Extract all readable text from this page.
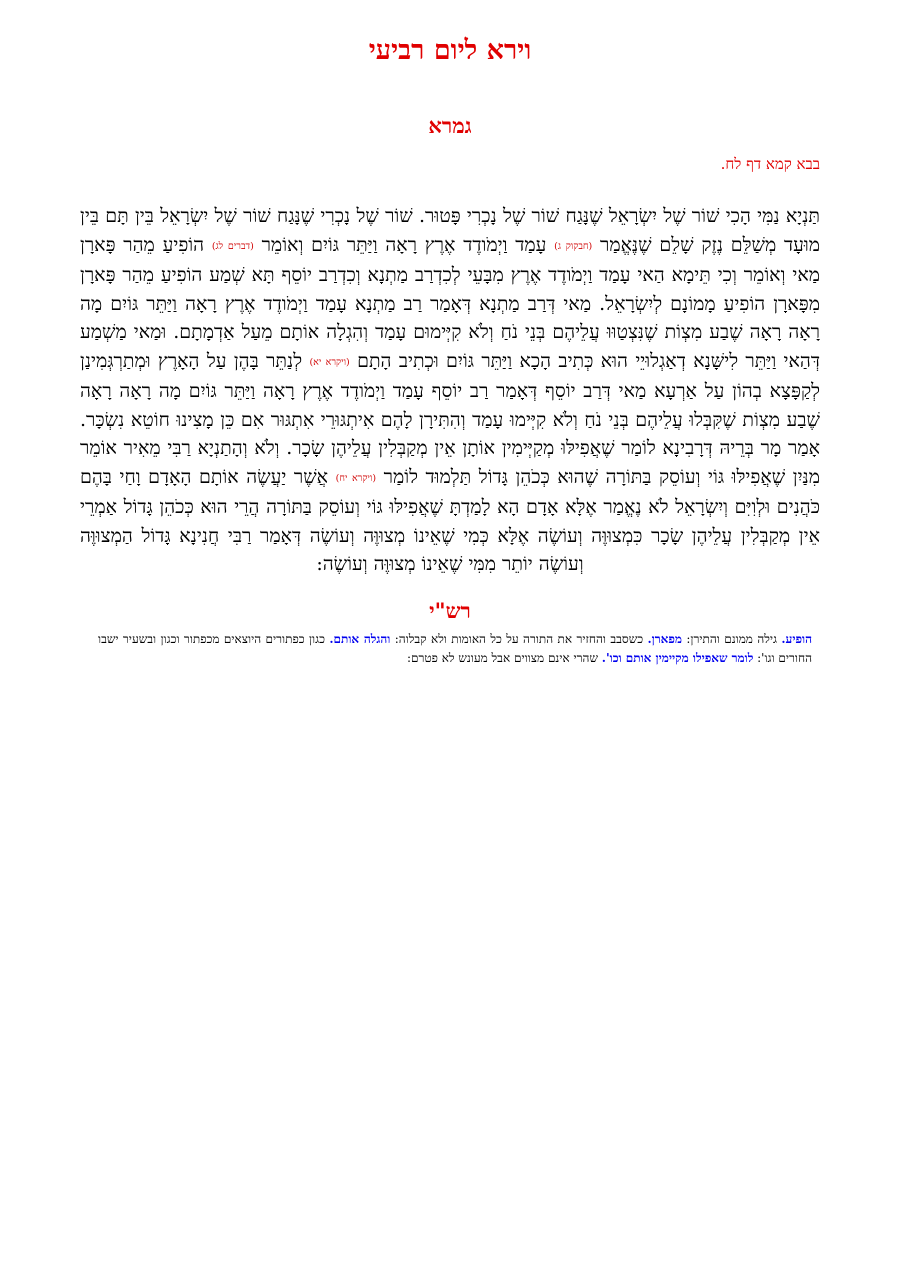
וירא ליום רביעי
גמרא
בבא קמא דף לח.

תַּנְיָא נַמִּי הָכִי שׁוֹר שֶׁל יִשְׂרָאֵל שֶׁנָּגַח שׁוֹר שֶׁל נָכְרִי פָּטוּר. שׁוֹר שֶׁל נָכְרִי שֶׁנָּגַח שׁוֹר שֶׁל יִשְׂרָאֵל בֵּין תָּם בֵּין מוּעָד מְשַׁלֵּם נֶזֶק שָׁלֵם שֶׁנֶּאֱמַר (חבקוק ג) עָמַד וַיְמֹודֶד אֶרֶץ רָאָה וַיַּתֵּר גּוֹיִם וְאוֹמֵר (דברים לג) הוֹפִיעַ מֵהַר פָּארָן מַאי וְאוֹמֵר וְכִי תֵּימָא הַאי עָמַד וַיְמֹודֶד אֶרֶץ מִבָּעֵי לְכִדְרַב מַתְנָא וְכִדְרַב יוֹסֵף תָּא שְׁמַע הוֹפִיעַ מֵהַר פָּארָן מִפָּארָן הוֹפִיעַ מָמוֹנָם לְיִשְׂרָאֵל. מַאי דְּרַב מַתְנָא דְּאָמַר רַב מַתְנָא עָמַד וַיְמֹודֶד אֶרֶץ רָאָה וַיַּתֵּר גּוֹיִם מָה רָאָה רָאָה שֶׁבַע מִצְוֹת שֶׁנִּצְטַוּוּ עֲלֵיהֶם בְּנֵי נֹחַ וְלֹא קִיְּימוּם עָמַד וְהִגְלָה אוֹתָם מֵעַל אַדְמָתָם. וּמַאי מַשְׁמַע דְּהַאי וַיַּתֵּר לִישָּׁנָא דְאַגְלוּיֵי הוּא כְּתִיב הָכָא וַיַּתֵּר גּוֹיִם וּכְתִיב הָתָם (ויקרא יא) לְנַתֵּר בָּהֶן עַל הָאָרֶץ וּמְתַרְגְּמִינַן לְקַפָּצָא בְהוֹן עַל אַרְעָא מַאי דְּרַב יוֹסֵף דְּאָמַר רַב יוֹסֵף עָמַד וַיְמֹודֶד אֶרֶץ רָאָה וַיַּתֵּר גּוֹיִם מָה רָאָה רָאָה שֶׁבַע מִצְוֹת שֶׁקִּבְּלוּ עֲלֵיהֶם בְּנֵי נֹחַ וְלֹא קִיְּימוּ עָמַד וְהִתִּירָן לָהֶם אִיתְגּוּרֵי אִתְגּוּר אִם כֵּן מָצִינוּ חוֹטֵא נִשְׂכָּר. אָמַר מָר בְּרֵיהּ דְּרָבִינָא לוֹמַר שֶׁאֲפִילּוּ מְקַיְּימִין אוֹתָן אֵין מְקַבְּלִין עֲלֵיהֶן שָׂכָר. וְלֹא וְהָתַנְיָא רַבִּי מֵאִיר אוֹמֵר מִנַּיִן שֶׁאֲפִילּוּ גּוֹי וְעוֹסֵק בַּתּוֹרָה שֶׁהוּא כְּכֹהֵן גָּדוֹל תַּלְמוּד לוֹמַר (ויקרא יח) אֲשֶׁר יַעֲשֶׂה אוֹתָם הָאָדָם וָחַי בָּהֶם כֹּהֲנִים וּלְוִיִּם וְיִשְׂרָאֵל לֹא נֶאֱמַר אֶלָּא אָדָם הָא לָמַדְתָּ שֶׁאֲפִילּוּ גּוֹי וְעוֹסֵק בַּתּוֹרָה הֲרֵי הוּא כְּכֹהֵן גָּדוֹל אַמְרֵי אֵין מְקַבְּלִין עֲלֵיהֶן שָׂכָר כִּמְצוּוֶּה וְעוֹשֶׂה אֶלָּא כְּמִי שֶׁאֵינוֹ מְצוּוֶּה וְעוֹשֶׂה דְּאָמַר רַבִּי חֲנִינָא גָּדוֹל הַמְצוּוֶּה וְעוֹשֶׂה יוֹתֵר מִמִּי שֶׁאֵינוֹ מְצוּוֶּה וְעוֹשֶׂה:

רש"י

הופיע. גילה ממונם והתירן: מפארן. כשסבב והחזיר את התורה על כל האומות ולא קבלוה: והגלה אותם. כגון כפתורים היוצאים מכפתור וכגון ובשעיר ישבו החורים וגו': לומר שאפילו מקיימין אותם וכו'. שהרי אינם מצווים אבל מעונש לא פטרם:
